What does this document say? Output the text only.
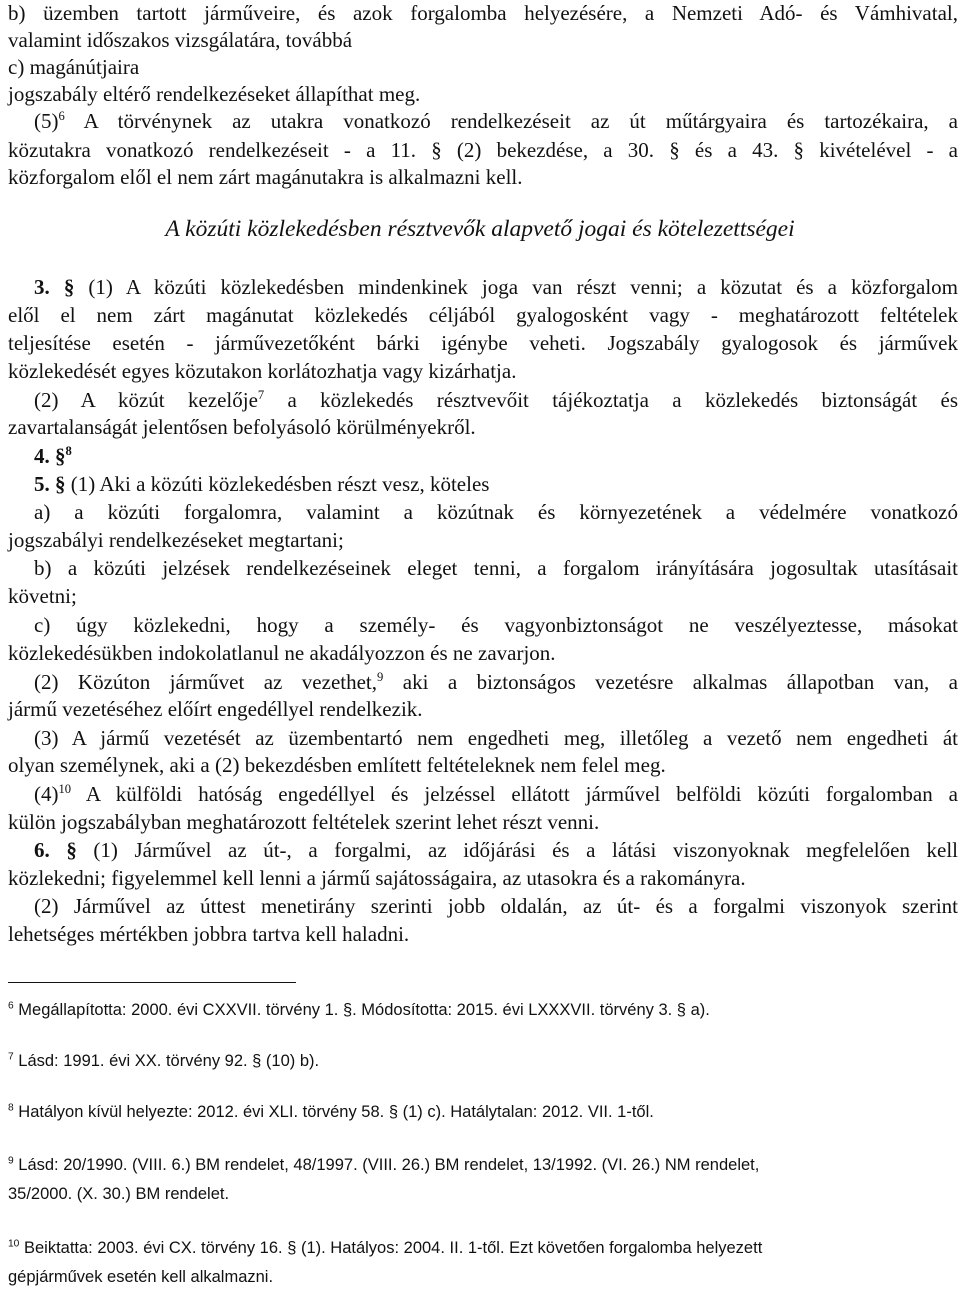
b) üzemben tartott járműveire, és azok forgalomba helyezésére, a Nemzeti Adó- és Vámhivatal,
valamint időszakos vizsgálatára, továbbá
c) magánútjaira
jogszabály eltérő rendelkezéseket állapíthat meg.
$(5)^6$ A törvénynek az utakra vonatkozó rendelkezéseit az út műtárgyaira és tartozékaira, a
közutakra vonatkozó rendelkezéseit - a 11. § (2) bekezdése, a 30. § és a 43. § kivételével - a
közforgalom elől el nem zárt magánutakra is alkalmazni kell.
A közúti közlekedésben résztvevők alapvető jogai és kötelezettségei
3. § (1) A közúti közlekedésben mindenkinek joga van részt venni; a közutat és a közforgalom
elől el nem zárt magánutat közlekedés céljából gyalogosként vagy - meghatározott feltételek
teljesítése esetén - járművezetőként bárki igénybe veheti. Jogszabály gyalogosok és járművek
közlekedését egyes közutakon korlátozhatja vagy kizárhatja.
(2) A közút kezelője$^7$ a közlekedés résztvevőit tájékoztatja a közlekedés biztonságát és
zavartalanságát jelentősen befolyásoló körülményekről.
4. §$^8$
5. § (1) Aki a közúti közlekedésben részt vesz, köteles
a) a közúti forgalomra, valamint a közútnak és környezetének a védelmére vonatkozó
jogszabályi rendelkezéseket megtartani;
b) a közúti jelzések rendelkezéseinek eleget tenni, a forgalom irányítására jogosultak utasításait
követni;
c) úgy közlekedni, hogy a személy- és vagyonbiztonságot ne veszélyeztesse, másokat
közlekedésükben indokolatlanul ne akadályozzon és ne zavarjon.
(2) Közúton járművet az vezethet,$^9$ aki a biztonságos vezetésre alkalmas állapotban van, a
jármű vezetéséhez előírt engedéllyel rendelkezik.
(3) A jármű vezetését az üzembentartó nem engedheti meg, illetőleg a vezető nem engedheti át
olyan személynek, aki a (2) bekezdésben említett feltételeknek nem felel meg.
$(4)^{10}$ A külföldi hatóság engedéllyel és jelzéssel ellátott járművel belföldi közúti forgalomban a
külön jogszabályban meghatározott feltételek szerint lehet részt venni.
6. § (1) Járművel az út-, a forgalmi, az időjárási és a látási viszonyoknak megfelelően kell
közlekedni; figyelemmel kell lenni a jármű sajátosságaira, az utasokra és a rakományra.
(2) Járművel az úttest menetirány szerinti jobb oldalán, az út- és a forgalmi viszonyok szerint
lehetséges mértékben jobbra tartva kell haladni.
$^6$ Megállapította: 2000. évi CXXVII. törvény 1. §. Módosította: 2015. évi LXXXVII. törvény 3. § a).
$^7$ Lásd: 1991. évi XX. törvény 92. § (10) b).
$^8$ Hatályon kívül helyezte: 2012. évi XLI. törvény 58. § (1) c). Hatálytalan: 2012. VII. 1-től.
$^9$ Lásd: 20/1990. (VIII. 6.) BM rendelet, 48/1997. (VIII. 26.) BM rendelet, 13/1992. (VI. 26.) NM rendelet,
35/2000. (X. 30.) BM rendelet.
$^{10}$ Beiktatta: 2003. évi CX. törvény 16. § (1). Hatályos: 2004. II. 1-től. Ezt követően forgalomba helyezett
gépjárművek esetén kell alkalmazni.
